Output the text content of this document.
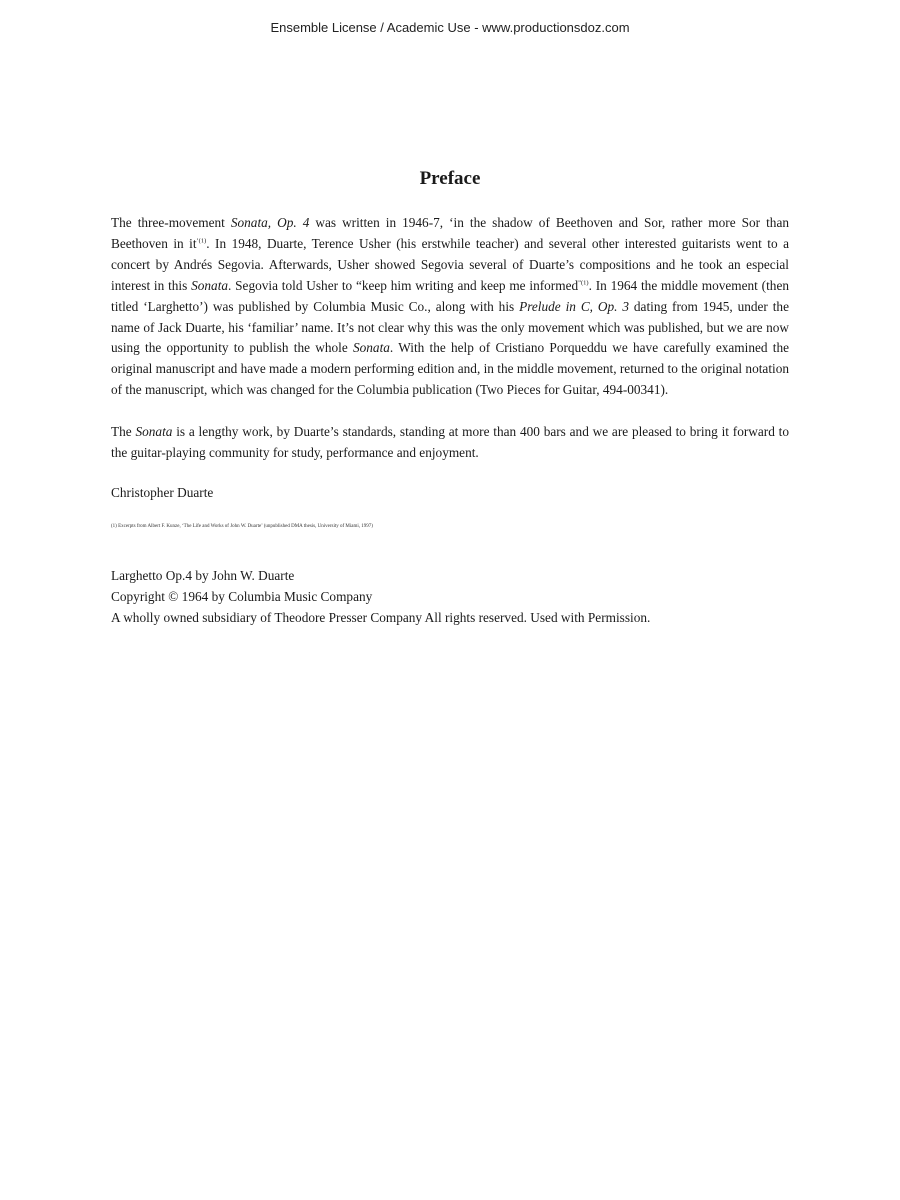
Ensemble License / Academic Use - www.productionsdoz.com
Preface

The three-movement Sonata, Op. 4 was written in 1946-7, ‘in the shadow of Beethoven and Sor, rather more Sor than Beethoven in $it^{’(1)}$. In 1948, Duarte, Terence Usher (his erstwhile teacher) and several other interested guitarists went to a concert by Andrés Segovia. Afterwards, Usher showed Segovia several of Duarte’s compositions and he took an especial interest in this Sonata. Segovia told Usher to “keep him writing and keep me informed$^{”(1)}$. In 1964 the middle movement (then titled ‘Larghetto’) was published by Columbia Music Co., along with his Prelude in C, Op. 3 dating from 1945, under the name of Jack Duarte, his ‘familiar’ name. It’s not clear why this was the only movement which was published, but we are now using the opportunity to publish the whole Sonata. With the help of Cristiano Porqueddu we have carefully examined the original manuscript and have made a modern performing edition and, in the middle movement, returned to the original notation of the manuscript, which was changed for the Columbia publication (Two Pieces for Guitar, 494-00341).

The Sonata is a lengthy work, by Duarte’s standards, standing at more than 400 bars and we are pleased to bring it forward to the guitar-playing community for study, performance and enjoyment.

Christopher Duarte

(1) Excerpts from Albert F. Kunze, ‘The Life and Works of John W. Duarte’ (unpublished DMA thesis, University of Miami, 1997)

Larghetto Op.4 by John W. Duarte
Copyright © 1964 by Columbia Music Company
A wholly owned subsidiary of Theodore Presser Company All rights reserved. Used with Permission.
